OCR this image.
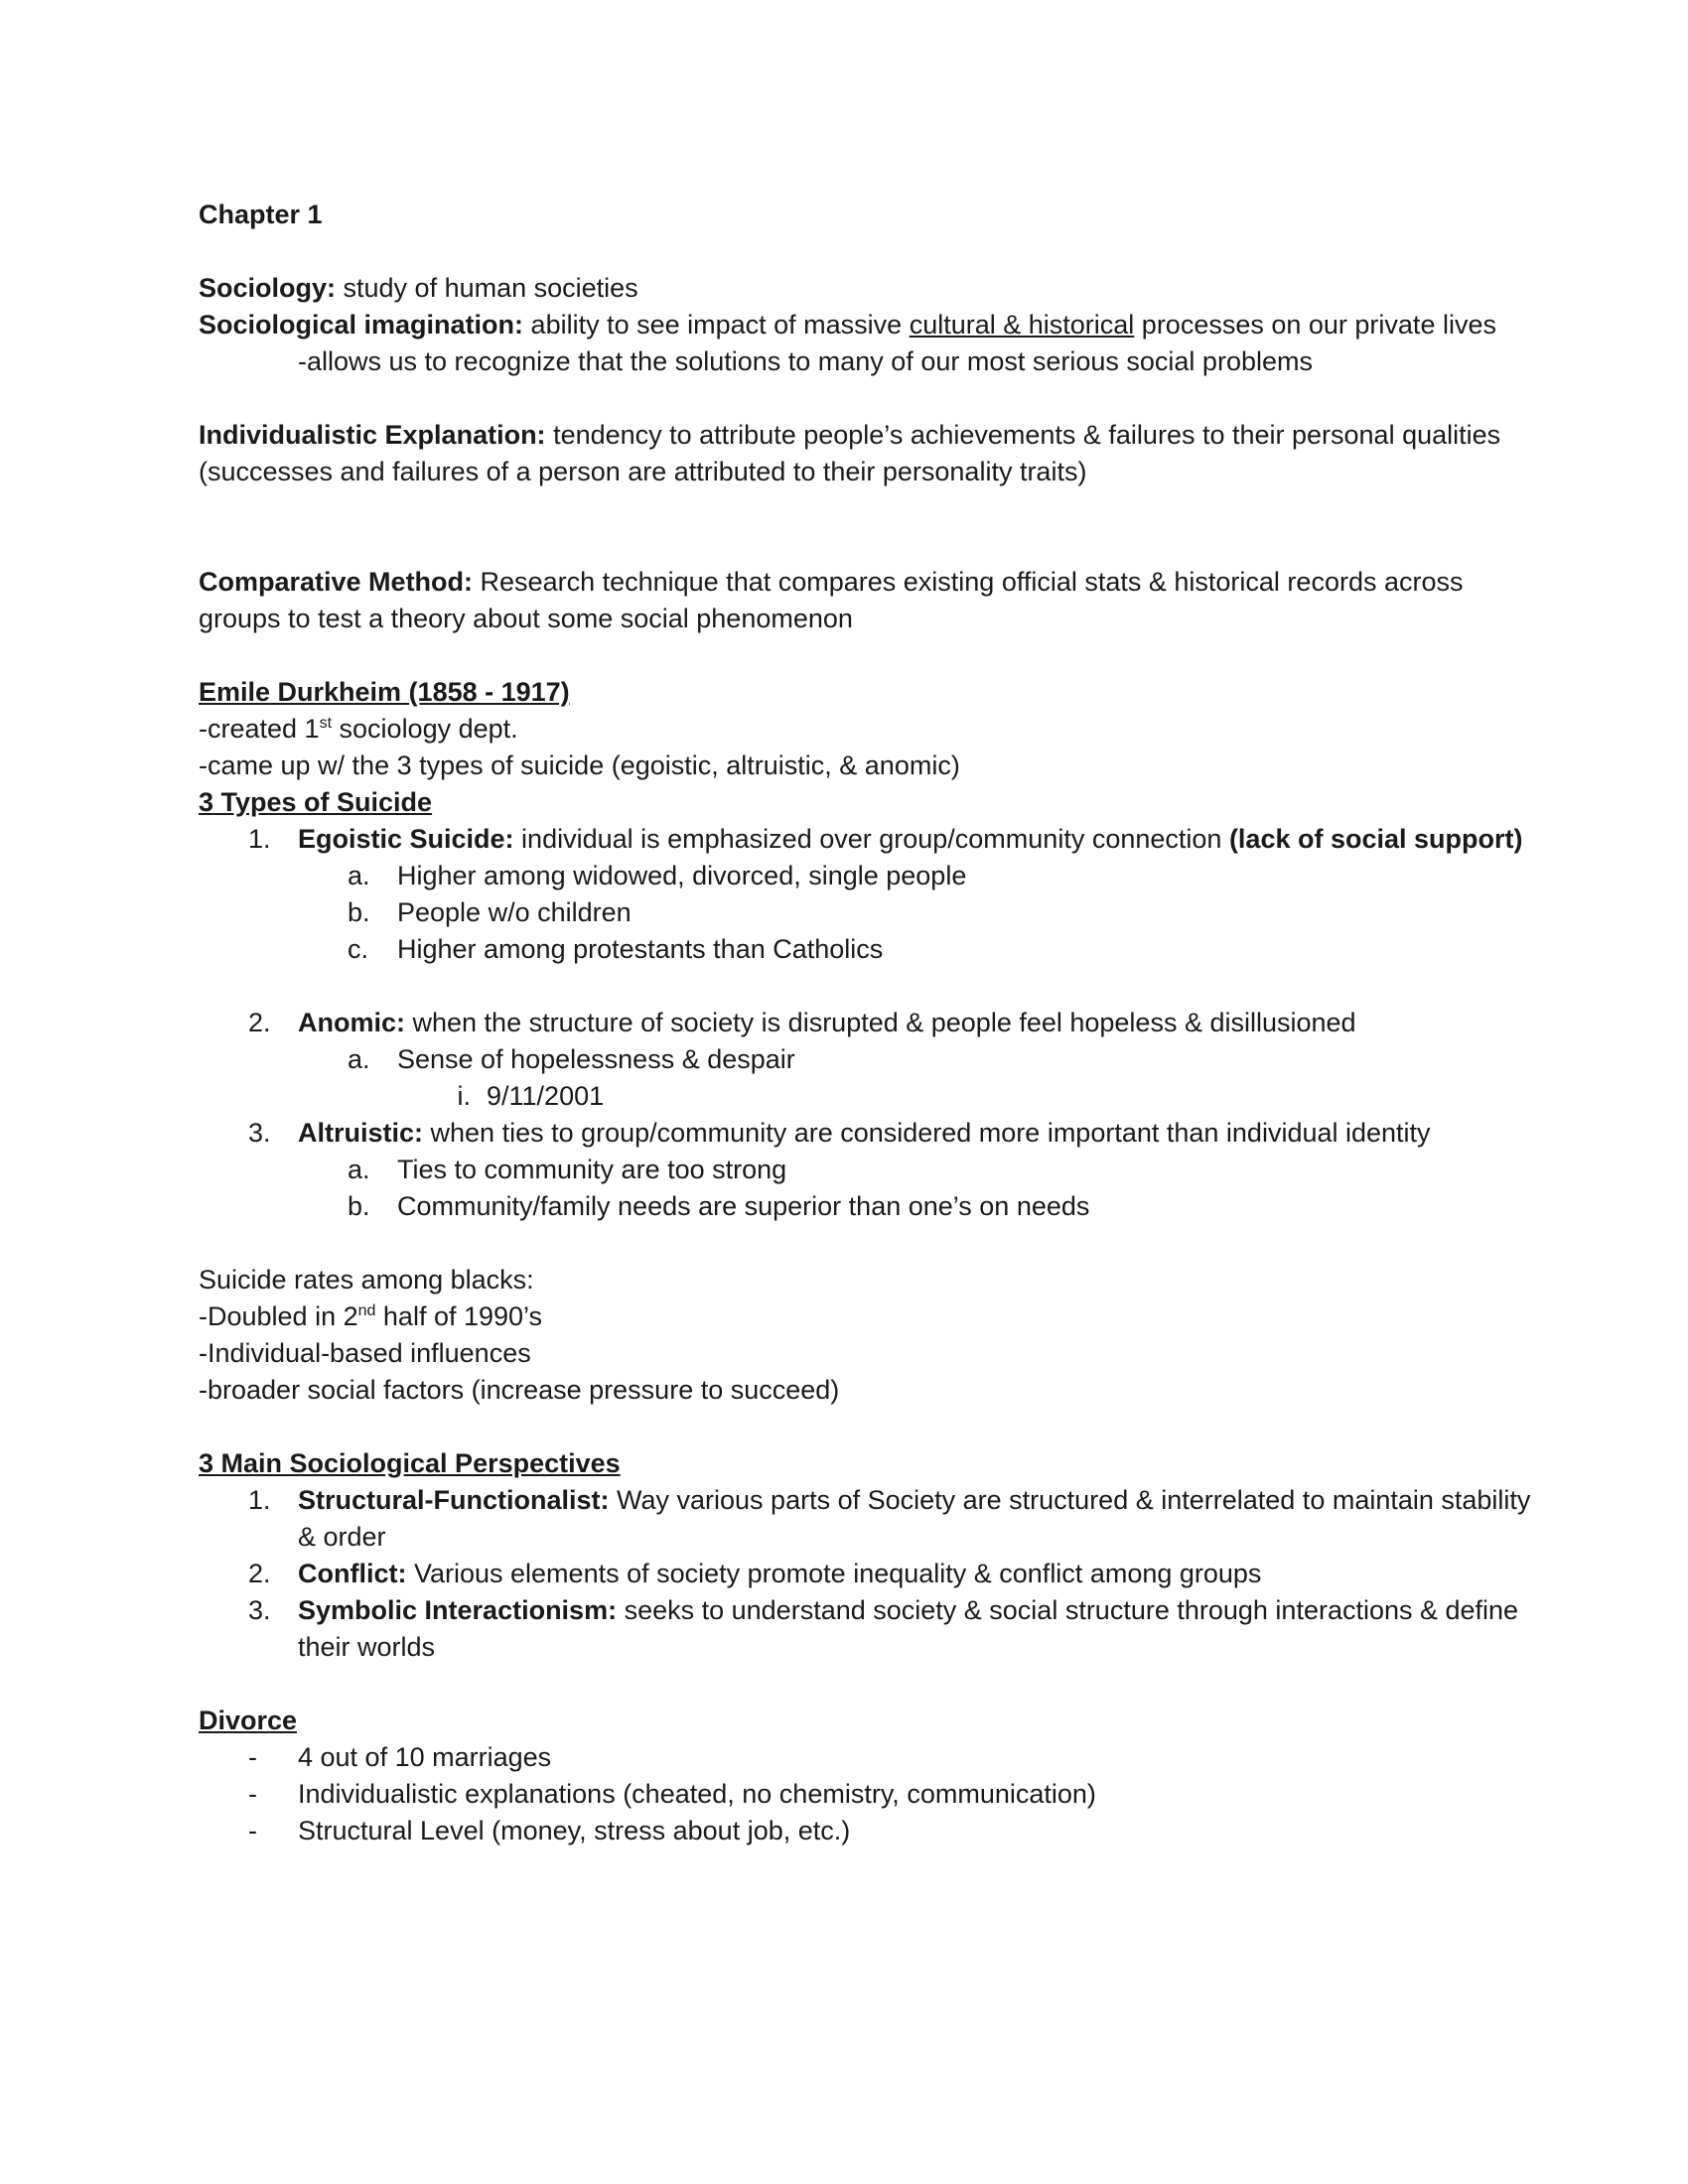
Chapter 1

Sociology: study of human societies

Sociological imagination: ability to see impact of massive cultural & historical processes on our private lives

-allows us to recognize that the solutions to many of our most serious social problems

Individualistic Explanation: tendency to attribute people’s achievements & failures to their personal qualities (successes and failures of a person are attributed to their personality traits)

Comparative Method: Research technique that compares existing official stats & historical records across groups to test a theory about some social phenomenon

Emile Durkheim (1858 - 1917)

-created 1st sociology dept.

-came up w/ the 3 types of suicide (egoistic, altruistic, & anomic)

3 Types of Suicide

1.	Egoistic Suicide: individual is emphasized over group/community connection (lack of social support)
a.	Higher among widowed, divorced, single people
b.	People w/o children
c.	Higher among protestants than Catholics
2.	Anomic: when the structure of society is disrupted & people feel hopeless & disillusioned
a.	Sense of hopelessness & despair
i. 9/11/2001
3.	Altruistic: when ties to group/community are considered more important than individual identity
a.	Ties to community are too strong
b.	Community/family needs are superior than one’s on needs

Suicide rates among blacks:

-Doubled in 2nd half of 1990’s

-Individual-based influences

-broader social factors (increase pressure to succeed)

3 Main Sociological Perspectives

1.	Structural-Functionalist: Way various parts of Society are structured & interrelated to maintain stability & order
2.	Conflict: Various elements of society promote inequality & conflict among groups
3.	Symbolic Interactionism: seeks to understand society & social structure through interactions & define their worlds

Divorce

-	4 out of 10 marriages
-	Individualistic explanations (cheated, no chemistry, communication)
-	Structural Level (money, stress about job, etc.)
